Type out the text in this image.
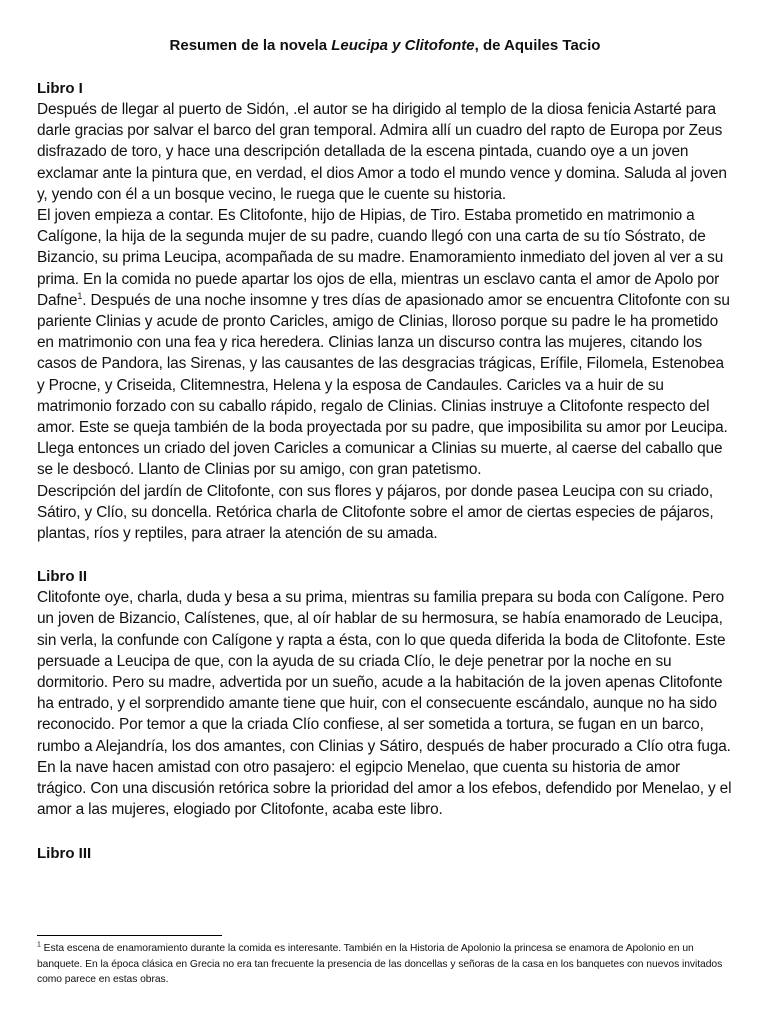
Resumen de la novela Leucipa y Clitofonte, de Aquiles Tacio

Libro I

Después de llegar al puerto de Sidón, .el autor se ha dirigido al templo de la diosa fenicia Astarté para darle gracias por salvar el barco del gran temporal. Admira allí un cuadro del rapto de Europa por Zeus disfrazado de toro, y hace una descripción detallada de la escena pintada, cuando oye a un joven exclamar ante la pintura que, en verdad, el dios Amor a todo el mundo vence y domina. Saluda al joven y, yendo con él a un bosque vecino, le ruega que le cuente su historia.

El joven empieza a contar. Es Clitofonte, hijo de Hipias, de Tiro. Estaba prometido en matrimonio a Calígone, la hija de la segunda mujer de su padre, cuando llegó con una carta de su tío Sóstrato, de Bizancio, su prima Leucipa, acompañada de su madre. Enamoramiento inmediato del joven al ver a su prima. En la comida no puede apartar los ojos de ella, mientras un esclavo canta el amor de Apolo por Dafne$^1$. Después de una noche insomne y tres días de apasionado amor se encuentra Clitofonte con su pariente Clinias y acude de pronto Caricles, amigo de Clinias, lloroso porque su padre le ha prometido en matrimonio con una fea y rica heredera. Clinias lanza un discurso contra las mujeres, citando los casos de Pandora, las Sirenas, y las causantes de las desgracias trágicas, Erífile, Filomela, Estenobea y Procne, y Criseida, Clitemnestra, Helena y la esposa de Candaules. Caricles va a huir de su matrimonio forzado con su caballo rápido, regalo de Clinias. Clinias instruye a Clitofonte respecto del amor. Este se queja también de la boda proyectada por su padre, que imposibilita su amor por Leucipa. Llega entonces un criado del joven Caricles a comunicar a Clinias su muerte, al caerse del caballo que se le desbocó. Llanto de Clinias por su amigo, con gran patetismo.

Descripción del jardín de Clitofonte, con sus flores y pájaros, por donde pasea Leucipa con su criado, Sátiro, y Clío, su doncella. Retórica charla de Clitofonte sobre el amor de ciertas especies de pájaros, plantas, ríos y reptiles, para atraer la atención de su amada.

Libro II

Clitofonte oye, charla, duda y besa a su prima, mientras su familia prepara su boda con Calígone. Pero un joven de Bizancio, Calístenes, que, al oír hablar de su hermosura, se había enamorado de Leucipa, sin verla, la confunde con Calígone y rapta a ésta, con lo que queda diferida la boda de Clitofonte. Este persuade a Leucipa de que, con la ayuda de su criada Clío, le deje penetrar por la noche en su dormitorio. Pero su madre, advertida por un sueño, acude a la habitación de la joven apenas Clitofonte ha entrado, y el sorprendido amante tiene que huir, con el consecuente escándalo, aunque no ha sido reconocido. Por temor a que la criada Clío confiese, al ser sometida a tortura, se fugan en un barco, rumbo a Alejandría, los dos amantes, con Clinias y Sátiro, después de haber procurado a Clío otra fuga. En la nave hacen amistad con otro pasajero: el egipcio Menelao, que cuenta su historia de amor trágico. Con una discusión retórica sobre la prioridad del amor a los efebos, defendido por Menelao, y el amor a las mujeres, elogiado por Clitofonte, acaba este libro.

Libro III

$^1$ Esta escena de enamoramiento durante la comida es interesante. También en la Historia de Apolonio la princesa se enamora de Apolonio en un banquete. En la época clásica en Grecia no era tan frecuente la presencia de las doncellas y señoras de la casa en los banquetes con nuevos invitados como parece en estas obras.
